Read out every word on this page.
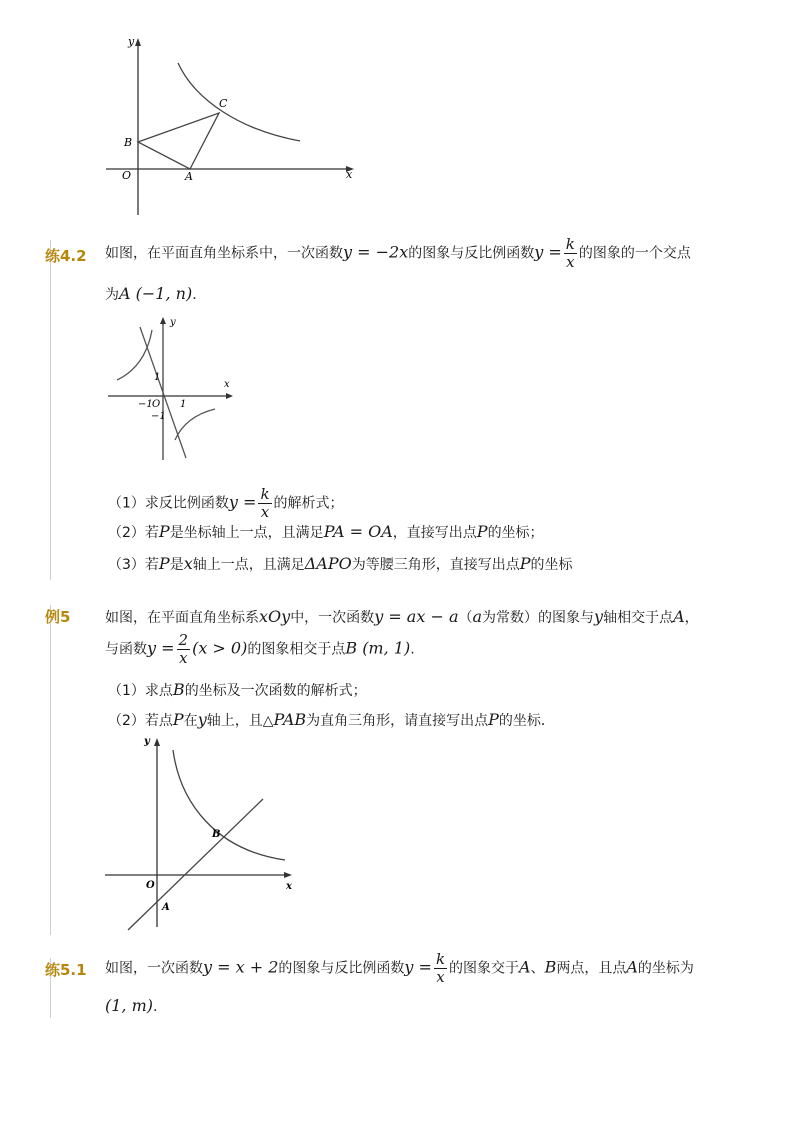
y
x
O	A
B
C
练4.2 如图，在平面直角坐标系中，一次函数y = −2x的图象与反比例函数$y = \frac{k}{x}$ 的图象的一个交点
为A (−1, n).
y
x
O
1
−1	1
−1
（1）求反比例函数$y = \frac{k}{x}$ 的解析式；
（2）若P是坐标轴上一点，且满足PA = OA，直接写出点P的坐标；
（3）若P是x轴上一点，且满足ΔAPO为等腰三角形，直接写出点P的坐标
例5 如图，在平面直角坐标系xOy中，一次函数y = ax − a（a为常数）的图象与y轴相交于点A，
与函数$y = \frac{2}{x} (x > 0)$的图象相交于点B (m, 1).
（1）求点B的坐标及一次函数的解析式；
（2）若点P在y轴上，且△PAB为直角三角形，请直接写出点P的坐标．
y
x
O
A
B
练5.1 如图，一次函数y = x + 2的图象与反比例函数$y = \frac{k}{x}$ 的图象交于A、B两点，且点A的坐标为
(1, m).
